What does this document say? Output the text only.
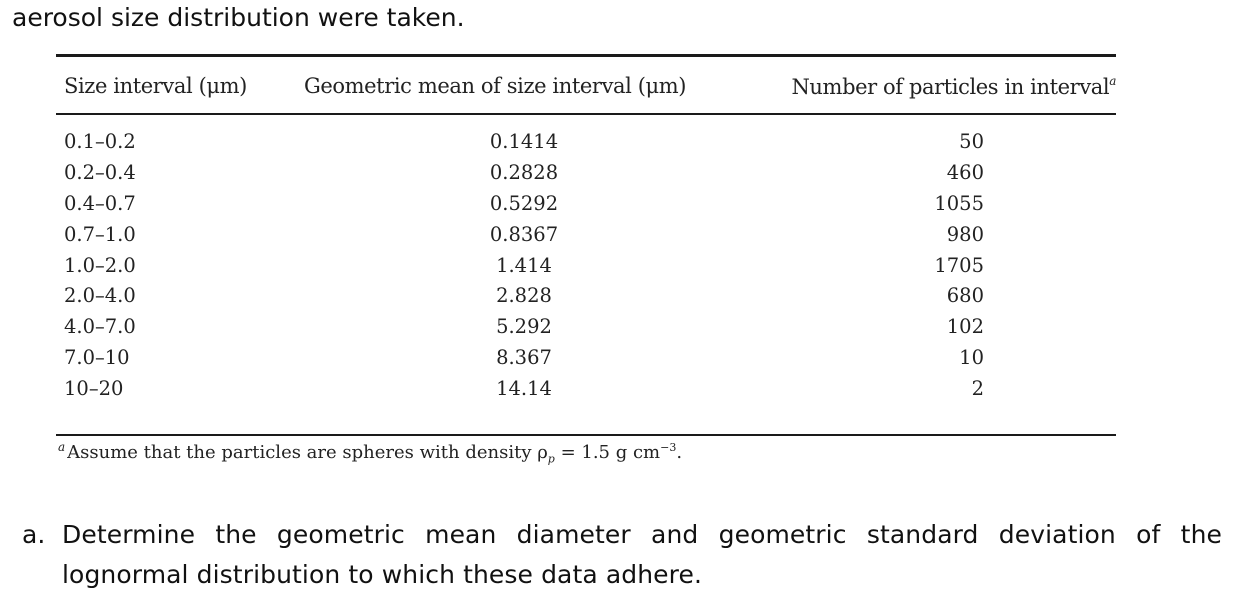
aerosol size distribution were taken.
Size interval (μm)	Geometric mean of size interval (μm)	Number of particles in interval$^a$
0.1–0.2	0.1414	50
0.2–0.4	0.2828	460
0.4–0.7	0.5292	1055
0.7–1.0	0.8367	980
1.0–2.0	1.414	1705
2.0–4.0	2.828	680
4.0–7.0	5.292	102
7.0–10	8.367	10
10–20	14.14	2
$^a$ Assume that the particles are spheres with density $\rho_p = 1.5$ g $cm^{-3}$.
a. Determine the geometric mean diameter and geometric standard deviation of the lognormal distribution to which these data adhere.
